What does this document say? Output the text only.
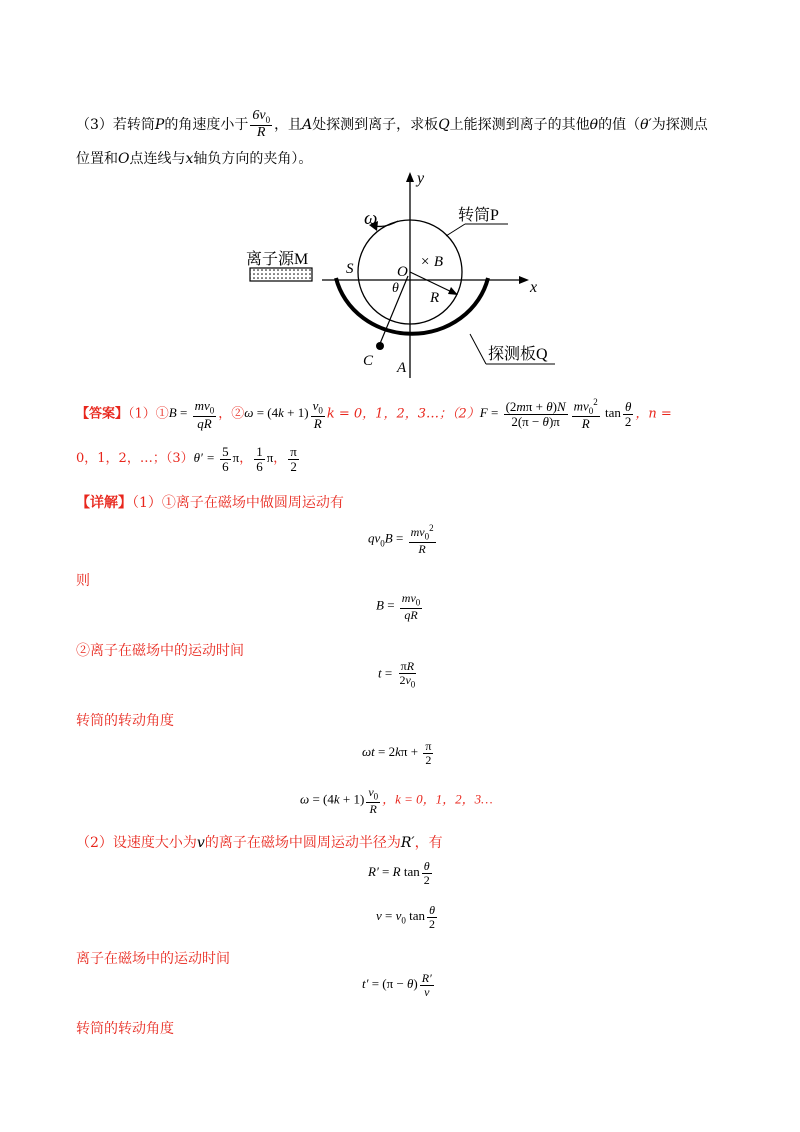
（3）若转筒P的角速度小于 $\frac{6v_0}{R}$ ，且A处探测到离子，求板Q上能探测到离子的其他θ的值（θ′为探测点
位置和O点连线与x轴负方向的夹角）。
y
x
ω	转筒P
离子源M
S	O
× B
θ
R
C A
探测板Q
【答案】（1）①B = $\frac{mv_0}{qR}$ ，②ω = $(4k + 1) \frac{v_0}{R}$ k = 0，1，2，3…；$(2)F = \frac{(2m\pi + \theta)N}{2(\pi - \theta)\pi} \frac{mv_0^2}{R}$ $\tan \frac{\theta}{2}$ ，n =
0，1，2，…；$(3)\theta' = \frac{5}{6}$ π， $\frac{1}{6}$ π， $\frac{\pi}{2}$
【详解】（1）①离子在磁场中做圆周运动有
$qv_0B = \frac{mv_0^2}{R}$
则
$B = \frac{mv_0}{qR}$
②离子在磁场中的运动时间
$t = \frac{\pi R}{2v_0}$
转筒的转动角度
$\omega t = 2k\pi + \frac{\pi}{2}$
$\omega = (4k + 1) \frac{v_0}{R}$ ，k = 0，1，2，3…
（2）设速度大小为v的离子在磁场中圆周运动半径为R′，有
R′ = R $\tan \frac{\theta}{2}$
$v = v_0$ $\tan \frac{\theta}{2}$
离子在磁场中的运动时间
$t' = (\pi - \theta) \frac{R'}{v}$
转筒的转动角度
